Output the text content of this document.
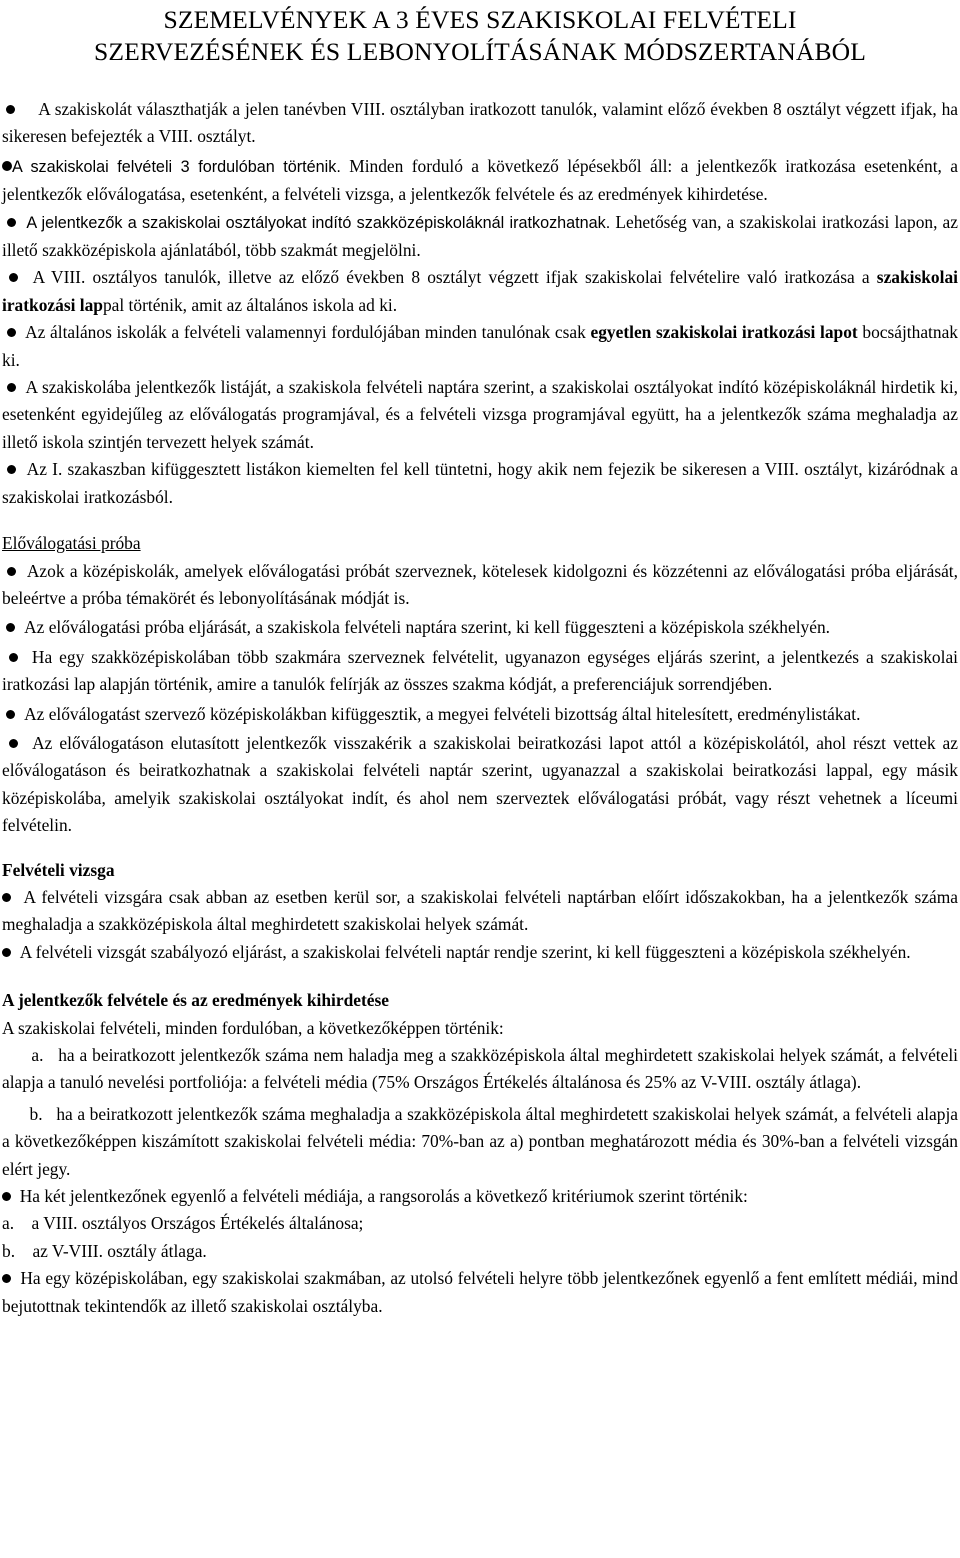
SZEMELVÉNYEK A 3 ÉVES SZAKISKOLAI FELVÉTELI
SZERVEZÉSÉNEK ÉS LEBONYOLÍTÁSÁNAK MÓDSZERTANÁBÓL

A szakiskolát választhatják a jelen tanévben VIII. osztályban iratkozott tanulók, valamint előző években 8 osztályt végzett ifjak, ha sikeresen befejezték a VIII. osztályt.

A szakiskolai felvételi 3 fordulóban történik. Minden forduló a következő lépésekből áll: a jelentkezők iratkozása esetenként, a jelentkezők előválogatása, esetenként, a felvételi vizsga, a jelentkezők felvétele és az eredmények kihirdetése.

A jelentkezők a szakiskolai osztályokat indító szakközépiskoláknál iratkozhatnak. Lehetőség van, a szakiskolai iratkozási lapon, az illető szakközépiskola ajánlatából, több szakmát megjelölni.

A VIII. osztályos tanulók, illetve az előző években 8 osztályt végzett ifjak szakiskolai felvételire való iratkozása a szakiskolai iratkozási lappal történik, amit az általános iskola ad ki.

Az általános iskolák a felvételi valamennyi fordulójában minden tanulónak csak egyetlen szakiskolai iratkozási lapot bocsájthatnak ki.

A szakiskolába jelentkezők listáját, a szakiskola felvételi naptára szerint, a szakiskolai osztályokat indító középiskoláknál hirdetik ki, esetenként egyidejűleg az előválogatás programjával, és a felvételi vizsga programjával együtt, ha a jelentkezők száma meghaladja az illető iskola szintjén tervezett helyek számát.

Az I. szakaszban kifüggesztett listákon kiemelten fel kell tüntetni, hogy akik nem fejezik be sikeresen a VIII. osztályt, kizáródnak a szakiskolai iratkozásból.

Előválogatási próba

Azok a középiskolák, amelyek előválogatási próbát szerveznek, kötelesek kidolgozni és közzétenni az előválogatási próba eljárását, beleértve a próba témakörét és lebonyolításának módját is.

Az előválogatási próba eljárását, a szakiskola felvételi naptára szerint, ki kell függeszteni a középiskola székhelyén.

Ha egy szakközépiskolában több szakmára szerveznek felvételit, ugyanazon egységes eljárás szerint, a jelentkezés a szakiskolai iratkozási lap alapján történik, amire a tanulók felírják az összes szakma kódját, a preferenciájuk sorrendjében.

Az előválogatást szervező középiskolákban kifüggesztik, a megyei felvételi bizottság által hitelesített, eredménylistákat.

Az előválogatáson elutasított jelentkezők visszakérik a szakiskolai beiratkozási lapot attól a középiskolától, ahol részt vettek az előválogatáson és beiratkozhatnak a szakiskolai felvételi naptár szerint, ugyanazzal a szakiskolai beiratkozási lappal, egy másik középiskolába, amelyik szakiskolai osztályokat indít, és ahol nem szerveztek előválogatási próbát, vagy részt vehetnek a líceumi felvételin.

Felvételi vizsga

A felvételi vizsgára csak abban az esetben kerül sor, a szakiskolai felvételi naptárban előírt időszakokban, ha a jelentkezők száma meghaladja a szakközépiskola által meghirdetett szakiskolai helyek számát.

A felvételi vizsgát szabályozó eljárást, a szakiskolai felvételi naptár rendje szerint, ki kell függeszteni a középiskola székhelyén.

A jelentkezők felvétele és az eredmények kihirdetése

A szakiskolai felvételi, minden fordulóban, a következőképpen történik:

a. ha a beiratkozott jelentkezők száma nem haladja meg a szakközépiskola által meghirdetett szakiskolai helyek számát, a felvételi alapja a tanuló nevelési portfoliója: a felvételi média (75% Országos Értékelés általánosa és 25% az V-VIII. osztály átlaga).

b. ha a beiratkozott jelentkezők száma meghaladja a szakközépiskola által meghirdetett szakiskolai helyek számát, a felvételi alapja a következőképpen kiszámított szakiskolai felvételi média: 70%-ban az a) pontban meghatározott média és 30%-ban a felvételi vizsgán elért jegy.

Ha két jelentkezőnek egyenlő a felvételi médiája, a rangsorolás a következő kritériumok szerint történik:

a. a VIII. osztályos Országos Értékelés általánosa;

b. az V-VIII. osztály átlaga.

Ha egy középiskolában, egy szakiskolai szakmában, az utolsó felvételi helyre több jelentkezőnek egyenlő a fent említett médiái, mind bejutottnak tekintendők az illető szakiskolai osztályba.
